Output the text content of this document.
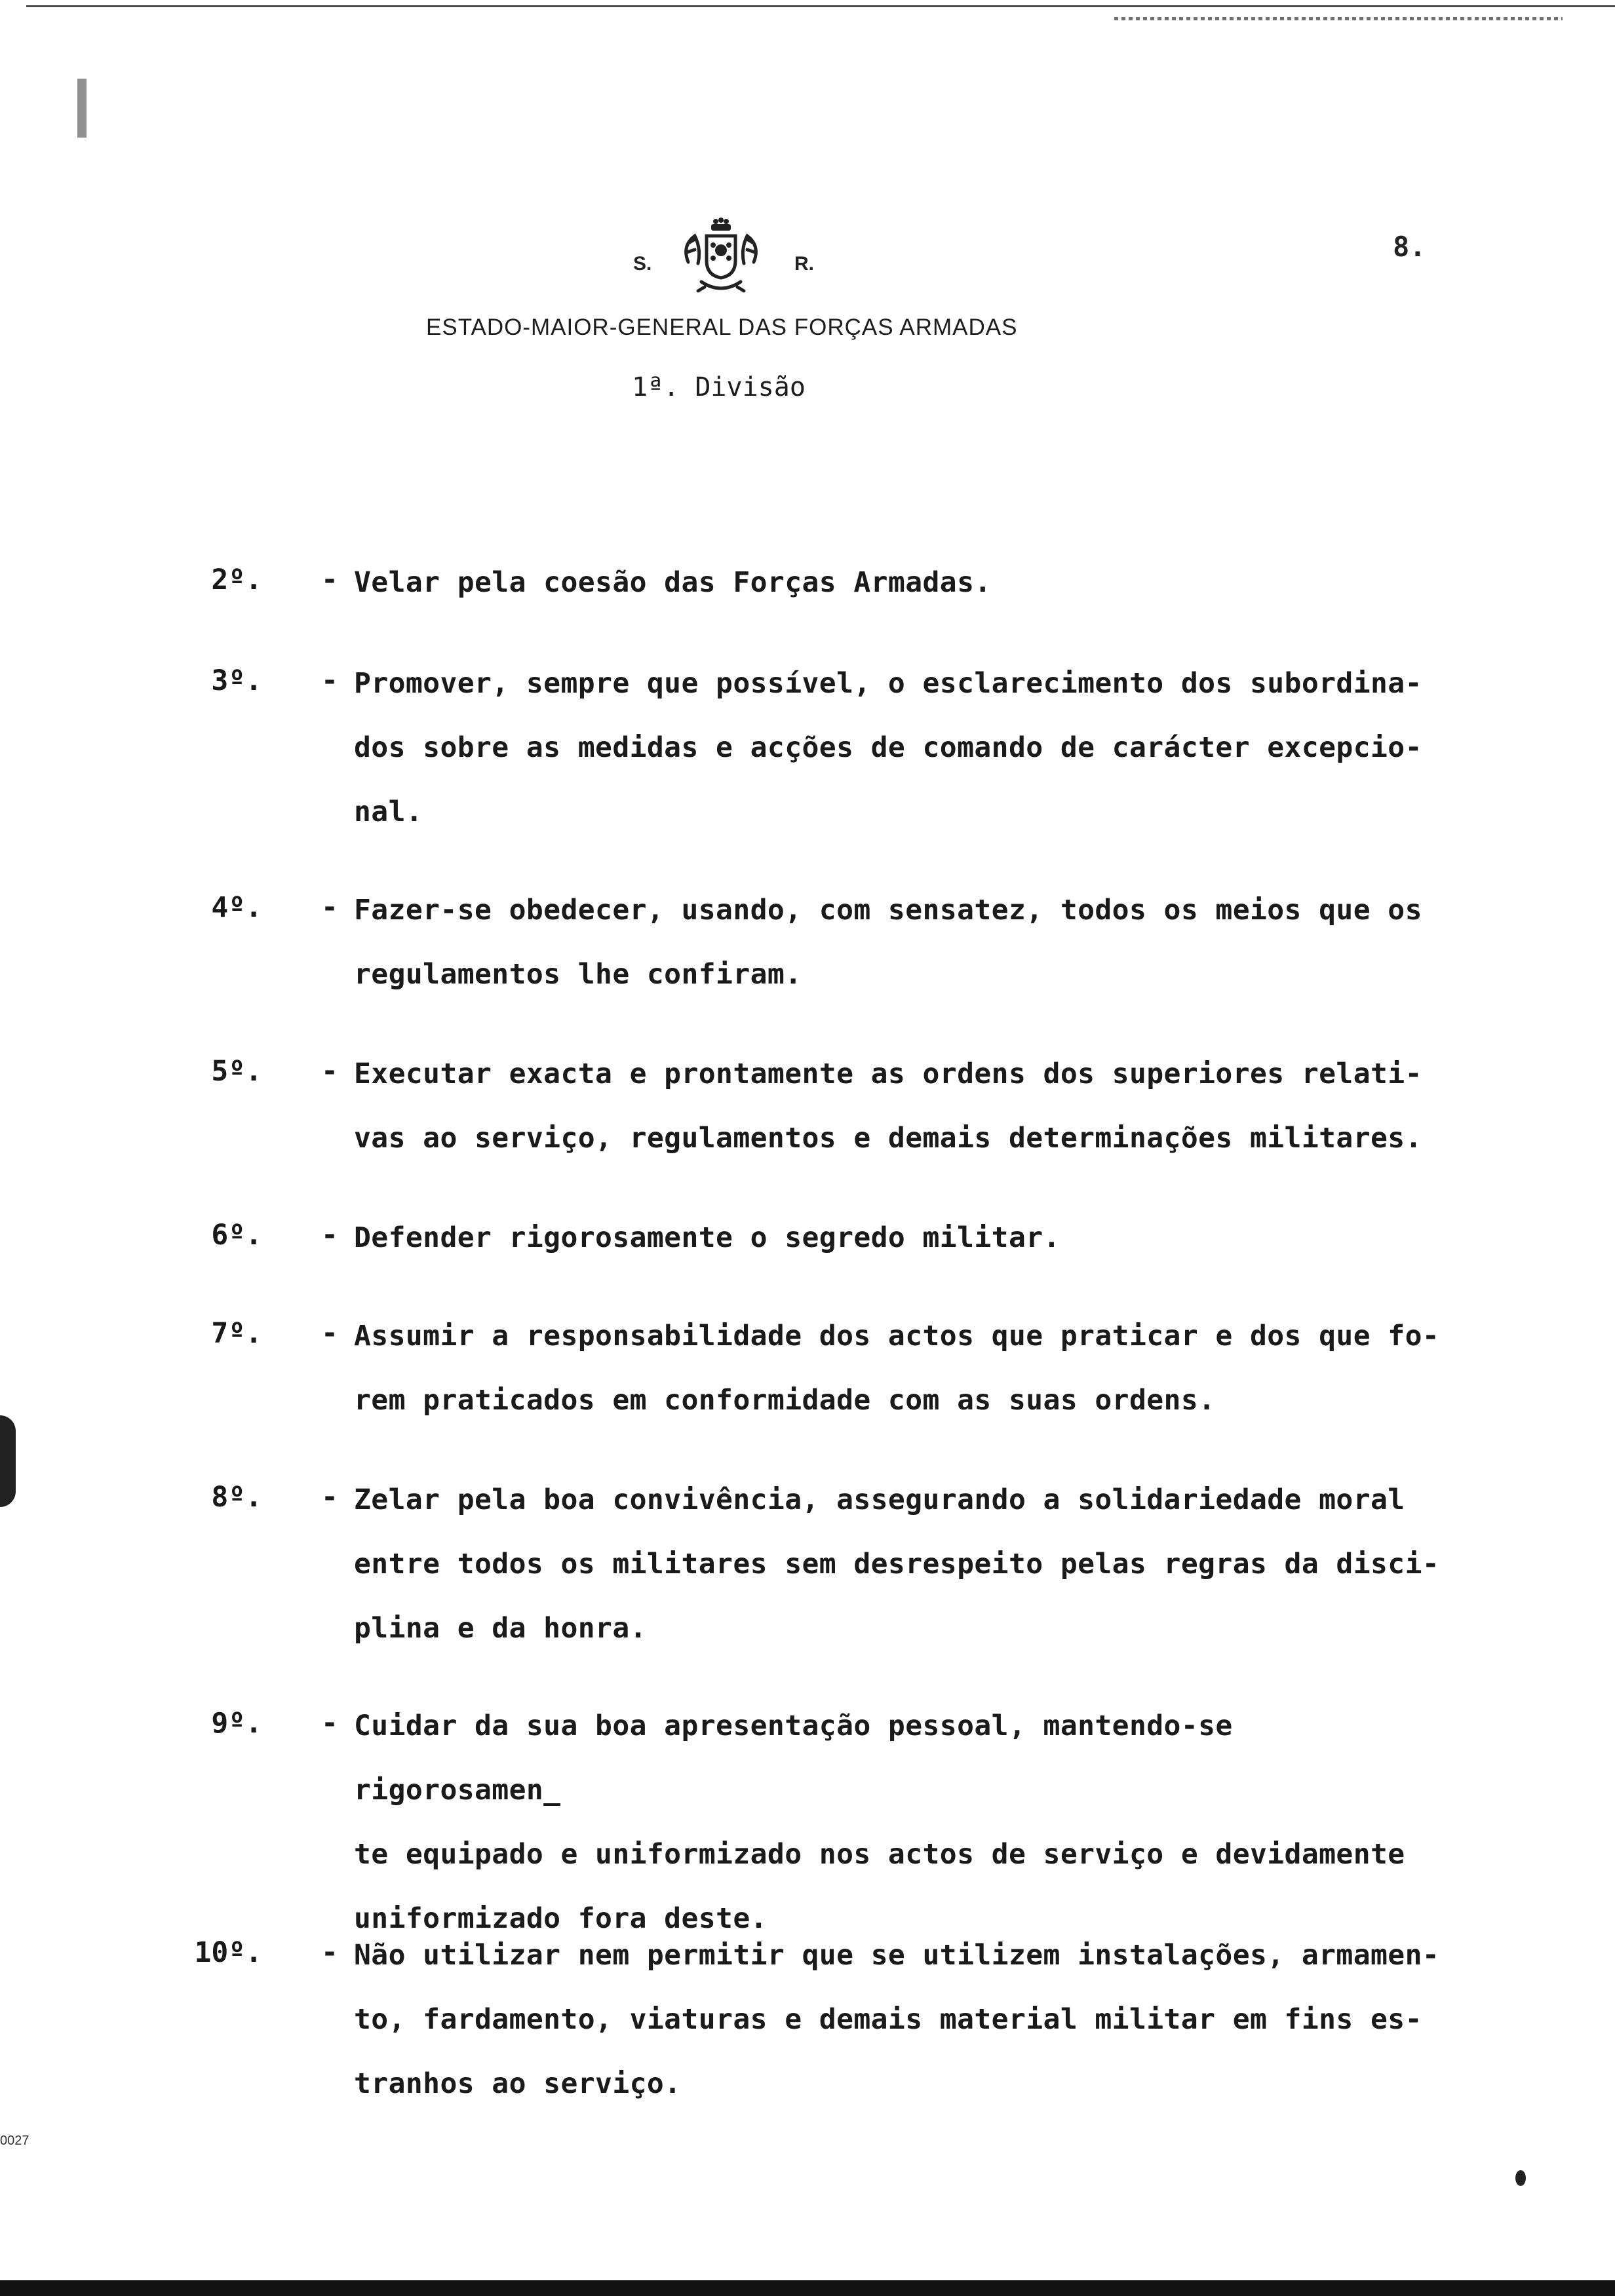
S.	R.
ESTADO-MAIOR-GENERAL DAS FORÇAS ARMADAS
1ª. Divisão
8.
2º. - Velar pela coesão das Forças Armadas.
3º. - Promover, sempre que possível, o esclarecimento dos subordina-
dos sobre as medidas e acções de comando de carácter excepcio-
nal.
4º. - Fazer-se obedecer, usando, com sensatez, todos os meios que os
regulamentos lhe confiram.
5º. - Executar exacta e prontamente as ordens dos superiores relati-
vas ao serviço, regulamentos e demais determinações militares.
6º. - Defender rigorosamente o segredo militar.
7º. - Assumir a responsabilidade dos actos que praticar e dos que fo-
rem praticados em conformidade com as suas ordens.
8º. - Zelar pela boa convivência, assegurando a solidariedade moral
entre todos os militares sem desrespeito pelas regras da disci-
plina e da honra.
9º. - Cuidar da sua boa apresentação pessoal, mantendo-se rigorosamen_
te equipado e uniformizado nos actos de serviço e devidamente
uniformizado fora deste.
10º. - Não utilizar nem permitir que se utilizem instalações, armamen-
to, fardamento, viaturas e demais material militar em fins es-
tranhos ao serviço.
0027
